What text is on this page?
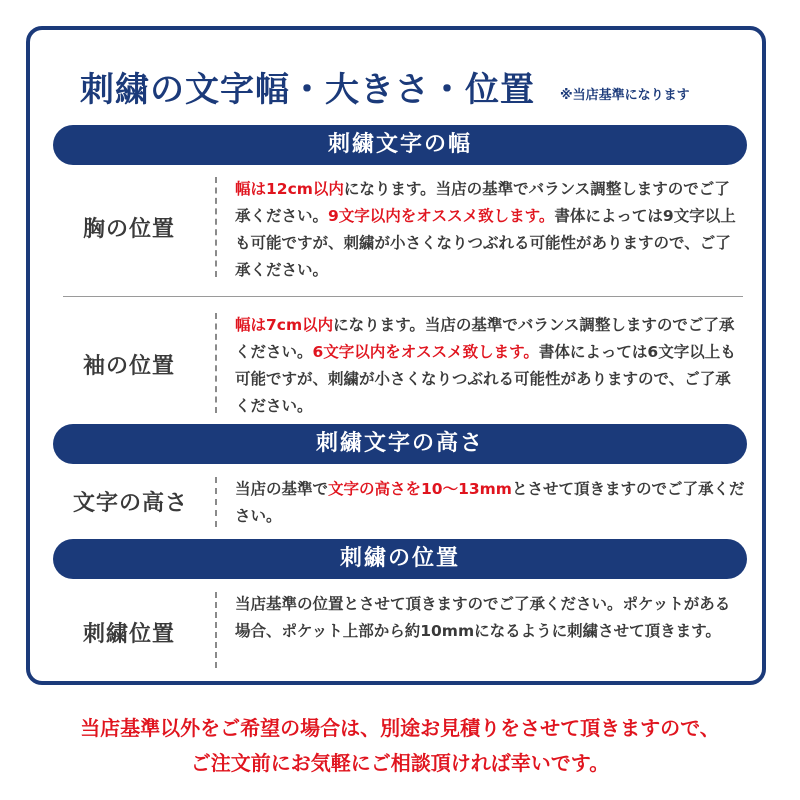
刺繍の文字幅・大きさ・位置 ※当店基準になります
刺繍文字の幅
胸の位置
幅は12cm以内になります。当店の基準でバランス調整しますのでご了承ください。9文字以内をオススメ致します。書体によっては9文字以上も可能ですが、刺繍が小さくなりつぶれる可能性がありますので、ご了承ください。
袖の位置
幅は7cm以内になります。当店の基準でバランス調整しますのでご了承ください。6文字以内をオススメ致します。書体によっては6文字以上も可能ですが、刺繍が小さくなりつぶれる可能性がありますので、ご了承ください。
刺繍文字の高さ
文字の高さ
当店の基準で文字の高さを10〜13mmとさせて頂きますのでご了承ください。
刺繍の位置
刺繍位置
当店基準の位置とさせて頂きますのでご了承ください。ポケットがある場合、ポケット上部から約10mmになるように刺繍させて頂きます。
当店基準以外をご希望の場合は、別途お見積りをさせて頂きますので、
ご注文前にお気軽にご相談頂ければ幸いです。
